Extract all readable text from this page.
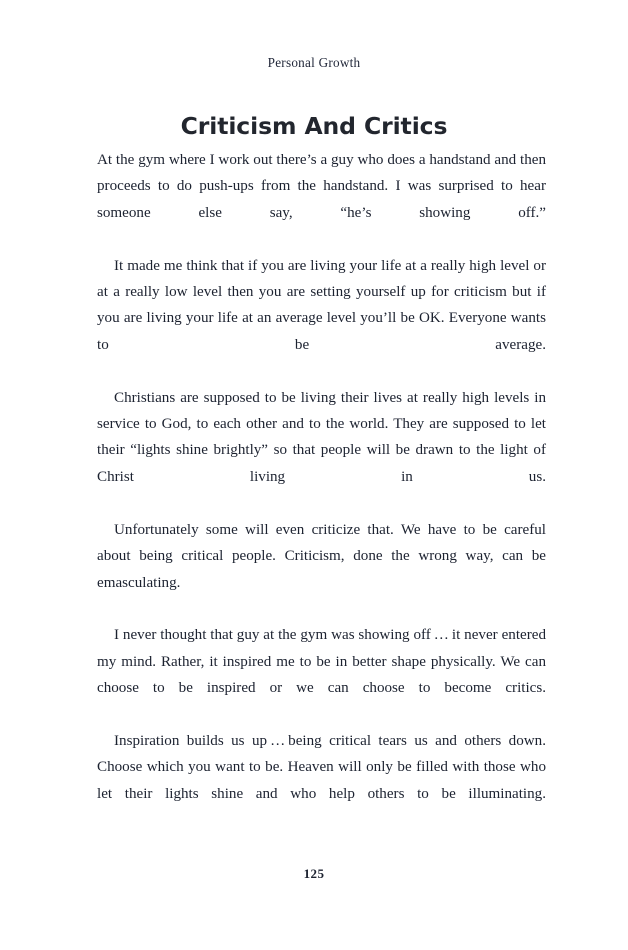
Personal Growth
Criticism And Critics

At the gym where I work out there’s a guy who does a handstand and then proceeds to do push-ups from the handstand. I was surprised to hear someone else say, “he’s showing off.”

It made me think that if you are living your life at a really high level or at a really low level then you are setting yourself up for criticism but if you are living your life at an average level you’ll be OK. Everyone wants to be average.

Christians are supposed to be living their lives at really high levels in service to God, to each other and to the world. They are supposed to let their “lights shine brightly” so that people will be drawn to the light of Christ living in us.

Unfortunately some will even criticize that. We have to be careful about being critical people. Criticism, done the wrong way, can be emasculating.

I never thought that guy at the gym was showing off … it never entered my mind. Rather, it inspired me to be in better shape physically. We can choose to be inspired or we can choose to become critics.

Inspiration builds us up … being critical tears us and others down. Choose which you want to be. Heaven will only be filled with those who let their lights shine and who help others to be illuminating.

125
